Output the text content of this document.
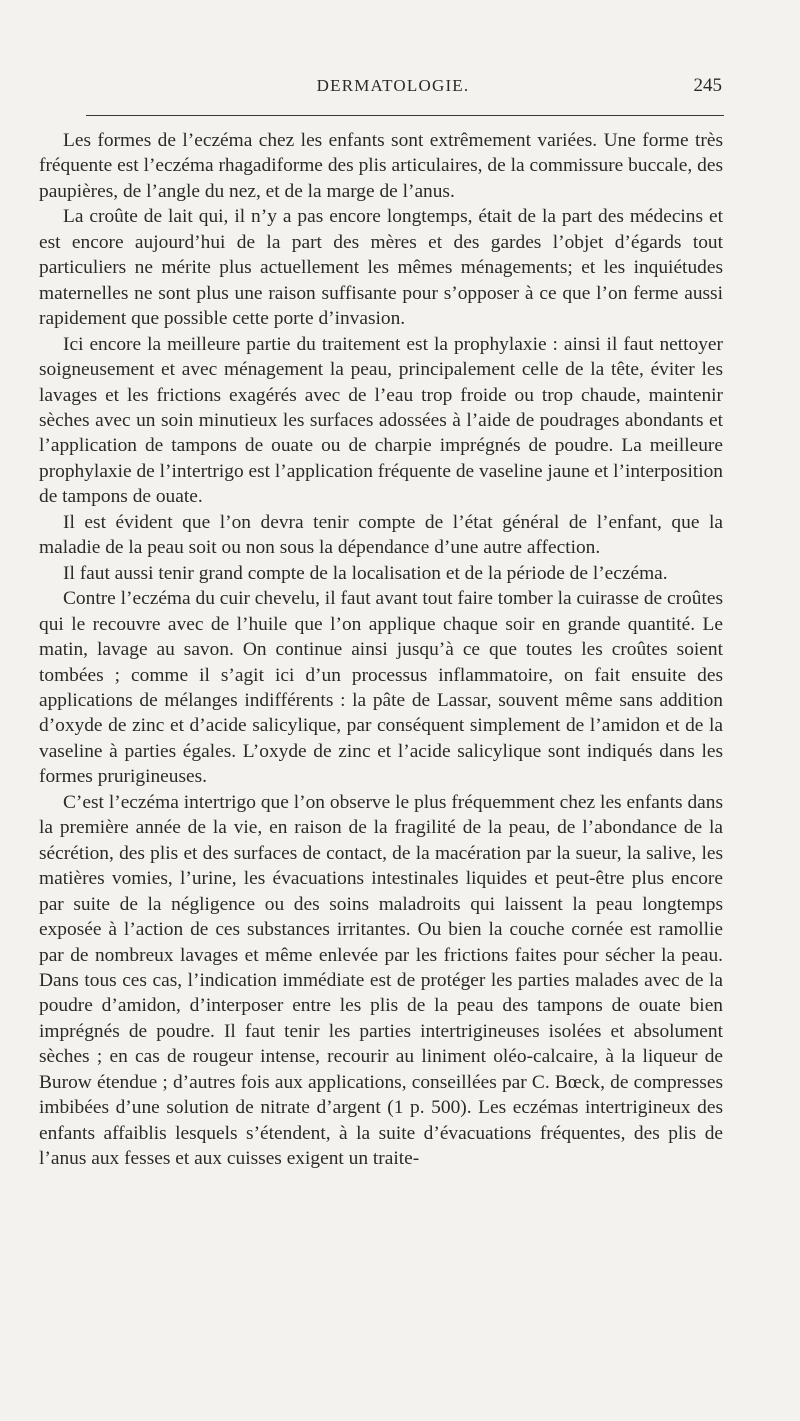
DERMATOLOGIE.	245

Les formes de l’eczéma chez les enfants sont extrêmement variées. Une forme très fréquente est l’eczéma rhagadiforme des plis articulaires, de la commissure buccale, des paupières, de l’angle du nez, et de la marge de l’anus.

La croûte de lait qui, il n’y a pas encore longtemps, était de la part des médecins et est encore aujourd’hui de la part des mères et des gardes l’objet d’égards tout particuliers ne mérite plus actuellement les mêmes ménagements; et les inquiétudes maternelles ne sont plus une raison suffisante pour s’opposer à ce que l’on ferme aussi rapidement que possible cette porte d’invasion.

Ici encore la meilleure partie du traitement est la prophylaxie : ainsi il faut nettoyer soigneusement et avec ménagement la peau, principalement celle de la tête, éviter les lavages et les frictions exagérés avec de l’eau trop froide ou trop chaude, maintenir sèches avec un soin minutieux les surfaces adossées à l’aide de poudrages abondants et l’application de tampons de ouate ou de charpie imprégnés de poudre. La meilleure prophylaxie de l’intertrigo est l’application fréquente de vaseline jaune et l’interposition de tampons de ouate.

Il est évident que l’on devra tenir compte de l’état général de l’enfant, que la maladie de la peau soit ou non sous la dépendance d’une autre affection.

Il faut aussi tenir grand compte de la localisation et de la période de l’eczéma.

Contre l’eczéma du cuir chevelu, il faut avant tout faire tomber la cuirasse de croûtes qui le recouvre avec de l’huile que l’on applique chaque soir en grande quantité. Le matin, lavage au savon. On continue ainsi jusqu’à ce que toutes les croûtes soient tombées ; comme il s’agit ici d’un processus inflammatoire, on fait ensuite des applications de mélanges indifférents : la pâte de Lassar, souvent même sans addition d’oxyde de zinc et d’acide salicylique, par conséquent simplement de l’amidon et de la vaseline à parties égales. L’oxyde de zinc et l’acide salicylique sont indiqués dans les formes prurigineuses.

C’est l’eczéma intertrigo que l’on observe le plus fréquemment chez les enfants dans la première année de la vie, en raison de la fragilité de la peau, de l’abondance de la sécrétion, des plis et des surfaces de contact, de la macération par la sueur, la salive, les matières vomies, l’urine, les évacuations intestinales liquides et peut-être plus encore par suite de la négligence ou des soins maladroits qui laissent la peau longtemps exposée à l’action de ces substances irritantes. Ou bien la couche cornée est ramollie par de nombreux lavages et même enlevée par les frictions faites pour sécher la peau. Dans tous ces cas, l’indication immédiate est de protéger les parties malades avec de la poudre d’amidon, d’interposer entre les plis de la peau des tampons de ouate bien imprégnés de poudre. Il faut tenir les parties intertrigineuses isolées et absolument sèches ; en cas de rougeur intense, recourir au liniment oléo-calcaire, à la liqueur de Burow étendue ; d’autres fois aux applications, conseillées par C. Bœck, de compresses imbibées d’une solution de nitrate d’argent (1 p. 500). Les eczémas intertrigineux des enfants affaiblis lesquels s’étendent, à la suite d’évacuations fréquentes, des plis de l’anus aux fesses et aux cuisses exigent un traite-
